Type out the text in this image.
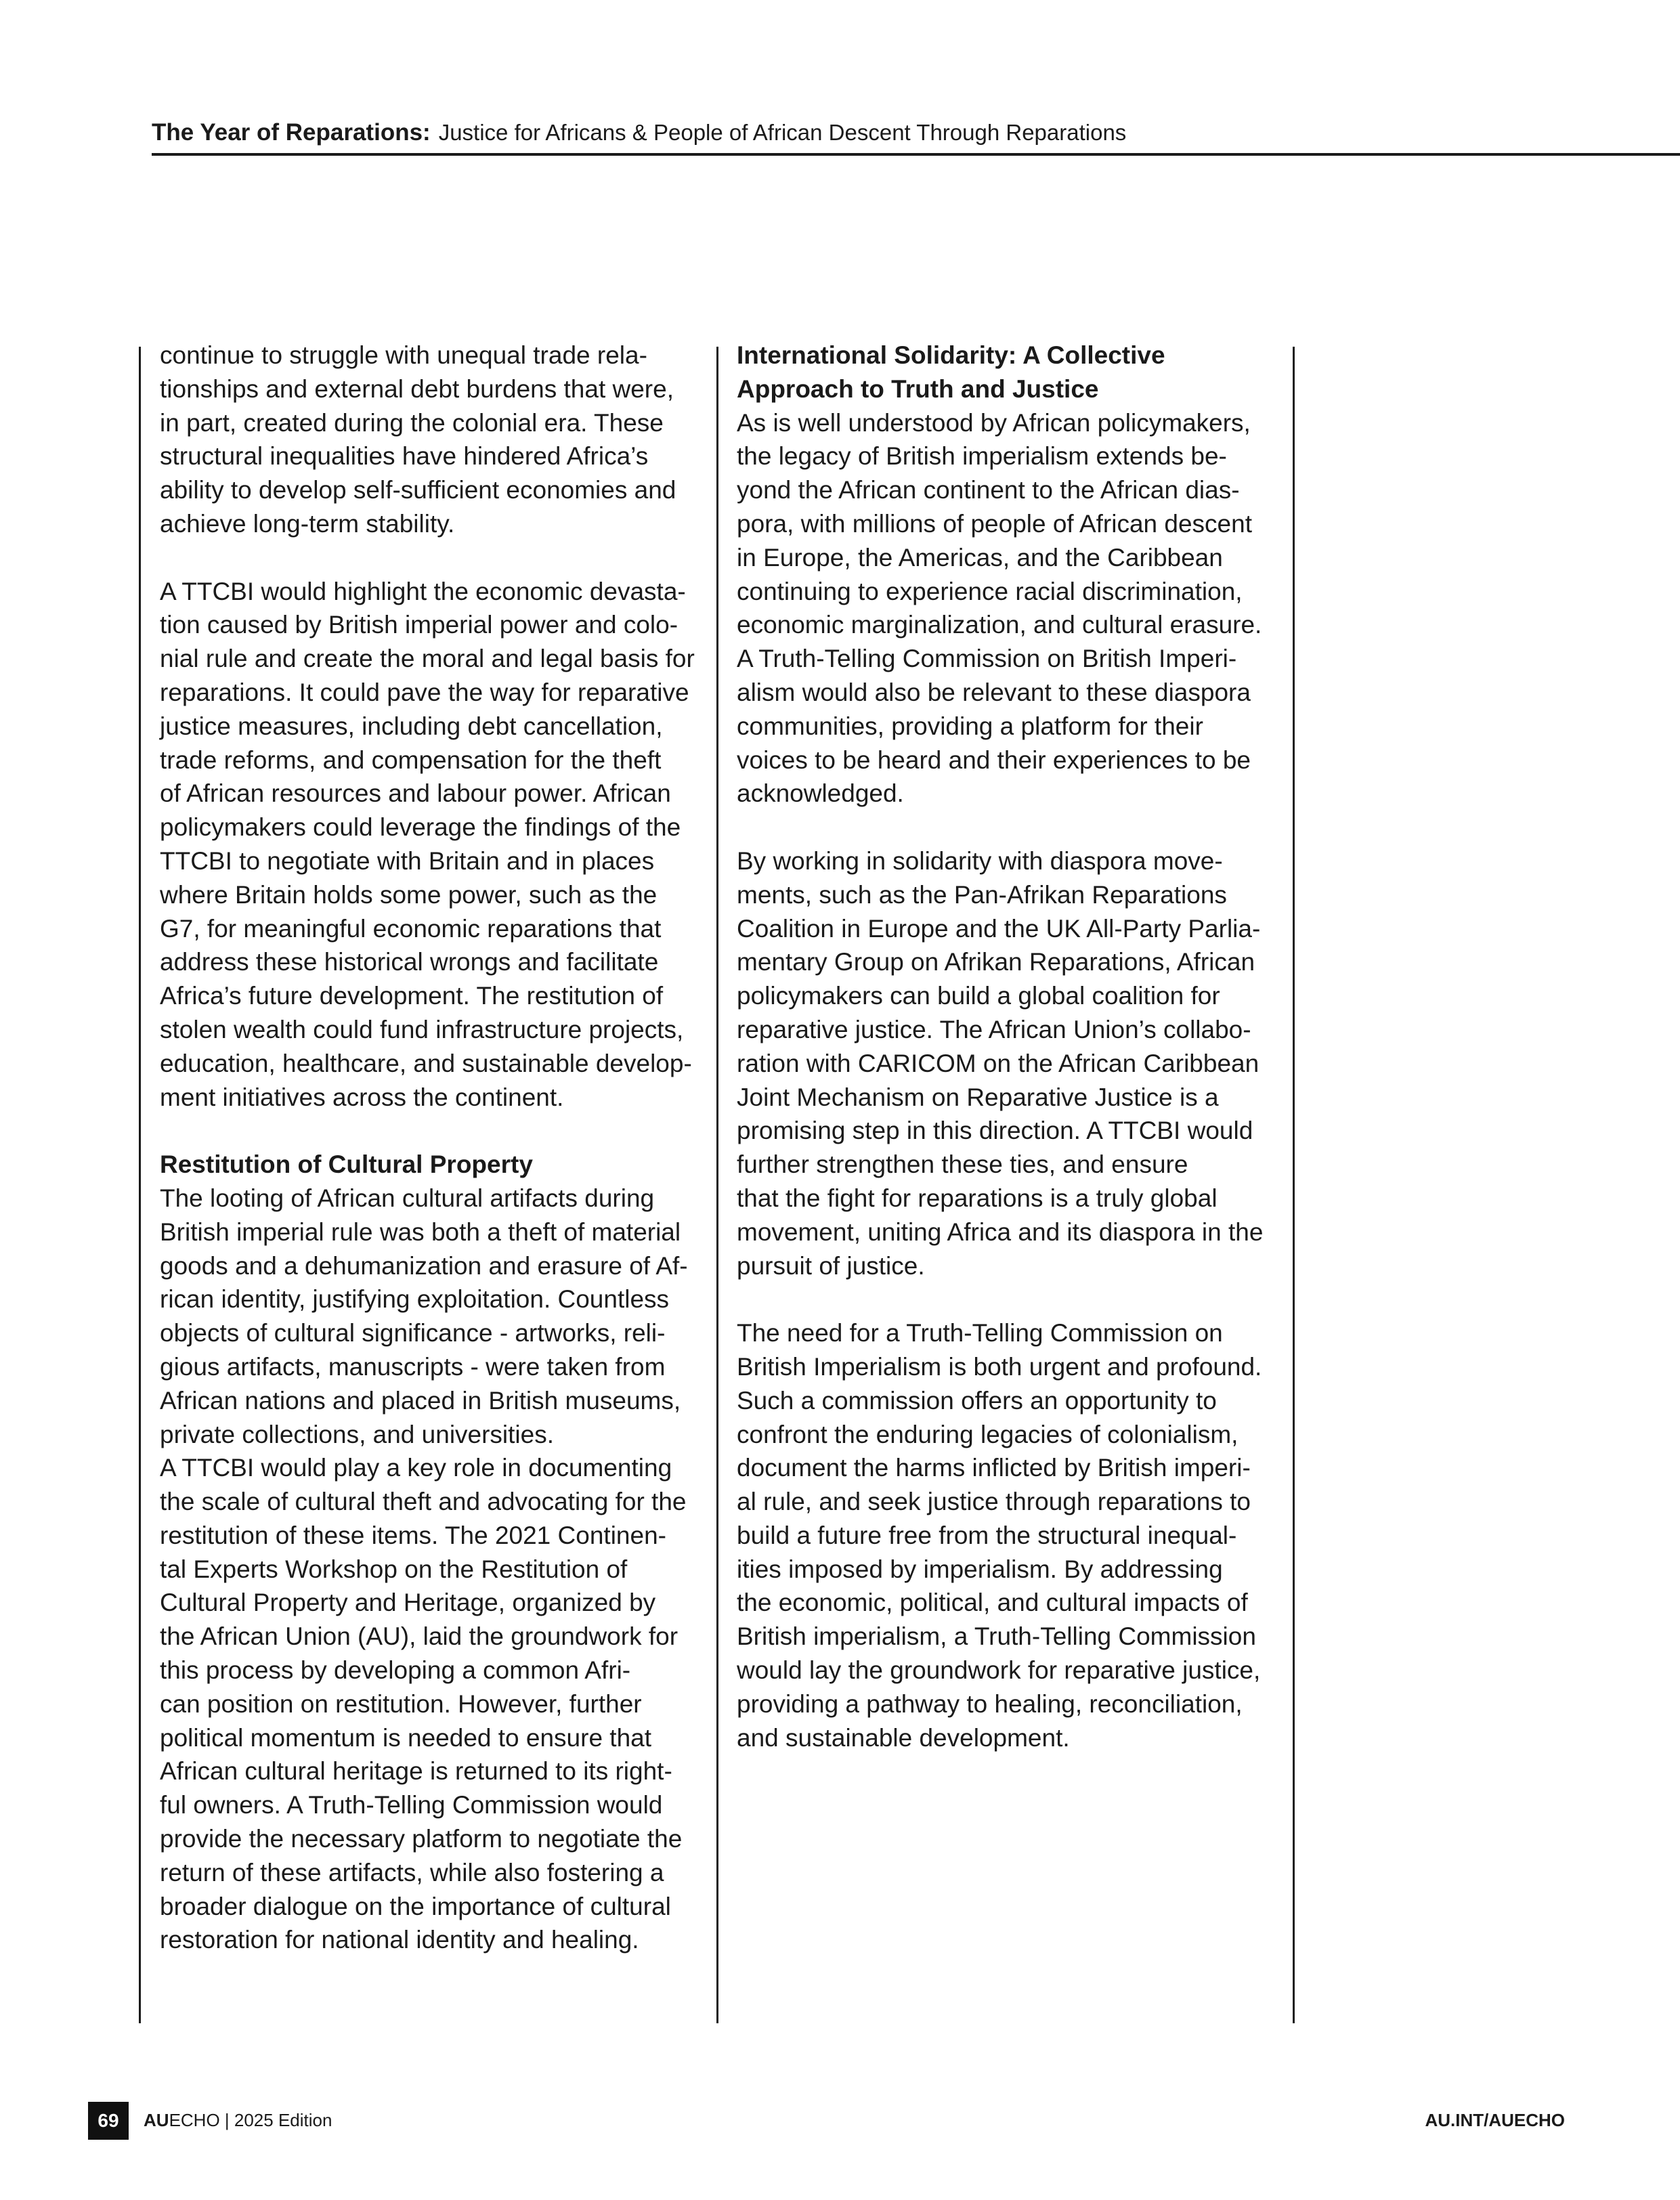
The Year of Reparations: Justice for Africans & People of African Descent Through Reparations

continue to struggle with unequal trade rela-
tionships and external debt burdens that were,
in part, created during the colonial era. These
structural inequalities have hindered Africa’s
ability to develop self-sufficient economies and
achieve long-term stability.

A TTCBI would highlight the economic devasta-
tion caused by British imperial power and colo-
nial rule and create the moral and legal basis for
reparations. It could pave the way for reparative
justice measures, including debt cancellation,
trade reforms, and compensation for the theft
of African resources and labour power. African
policymakers could leverage the findings of the
TTCBI to negotiate with Britain and in places
where Britain holds some power, such as the
G7, for meaningful economic reparations that
address these historical wrongs and facilitate
Africa’s future development. The restitution of
stolen wealth could fund infrastructure projects,
education, healthcare, and sustainable develop-
ment initiatives across the continent.

Restitution of Cultural Property

The looting of African cultural artifacts during
British imperial rule was both a theft of material
goods and a dehumanization and erasure of Af-
rican identity, justifying exploitation. Countless
objects of cultural significance - artworks, reli-
gious artifacts, manuscripts - were taken from
African nations and placed in British museums,
private collections, and universities.

A TTCBI would play a key role in documenting
the scale of cultural theft and advocating for the
restitution of these items. The 2021 Continen-
tal Experts Workshop on the Restitution of
Cultural Property and Heritage, organized by
the African Union (AU), laid the groundwork for
this process by developing a common Afri-
can position on restitution. However, further
political momentum is needed to ensure that
African cultural heritage is returned to its right-
ful owners. A Truth-Telling Commission would
provide the necessary platform to negotiate the
return of these artifacts, while also fostering a
broader dialogue on the importance of cultural
restoration for national identity and healing.

International Solidarity: A Collective
Approach to Truth and Justice

As is well understood by African policymakers,
the legacy of British imperialism extends be-
yond the African continent to the African dias-
pora, with millions of people of African descent
in Europe, the Americas, and the Caribbean
continuing to experience racial discrimination,
economic marginalization, and cultural erasure.
A Truth-Telling Commission on British Imperi-
alism would also be relevant to these diaspora
communities, providing a platform for their
voices to be heard and their experiences to be
acknowledged.

By working in solidarity with diaspora move-
ments, such as the Pan-Afrikan Reparations
Coalition in Europe and the UK All-Party Parlia-
mentary Group on Afrikan Reparations, African
policymakers can build a global coalition for
reparative justice. The African Union’s collabo-
ration with CARICOM on the African Caribbean
Joint Mechanism on Reparative Justice is a
promising step in this direction. A TTCBI would
further strengthen these ties, and ensure
that the fight for reparations is a truly global
movement, uniting Africa and its diaspora in the
pursuit of justice.

The need for a Truth-Telling Commission on
British Imperialism is both urgent and profound.
Such a commission offers an opportunity to
confront the enduring legacies of colonialism,
document the harms inflicted by British imperi-
al rule, and seek justice through reparations to
build a future free from the structural inequal-
ities imposed by imperialism. By addressing
the economic, political, and cultural impacts of
British imperialism, a Truth-Telling Commission
would lay the groundwork for reparative justice,
providing a pathway to healing, reconciliation,
and sustainable development.

69	AUECHO | 2025 Edition	AU.INT/AUECHO
